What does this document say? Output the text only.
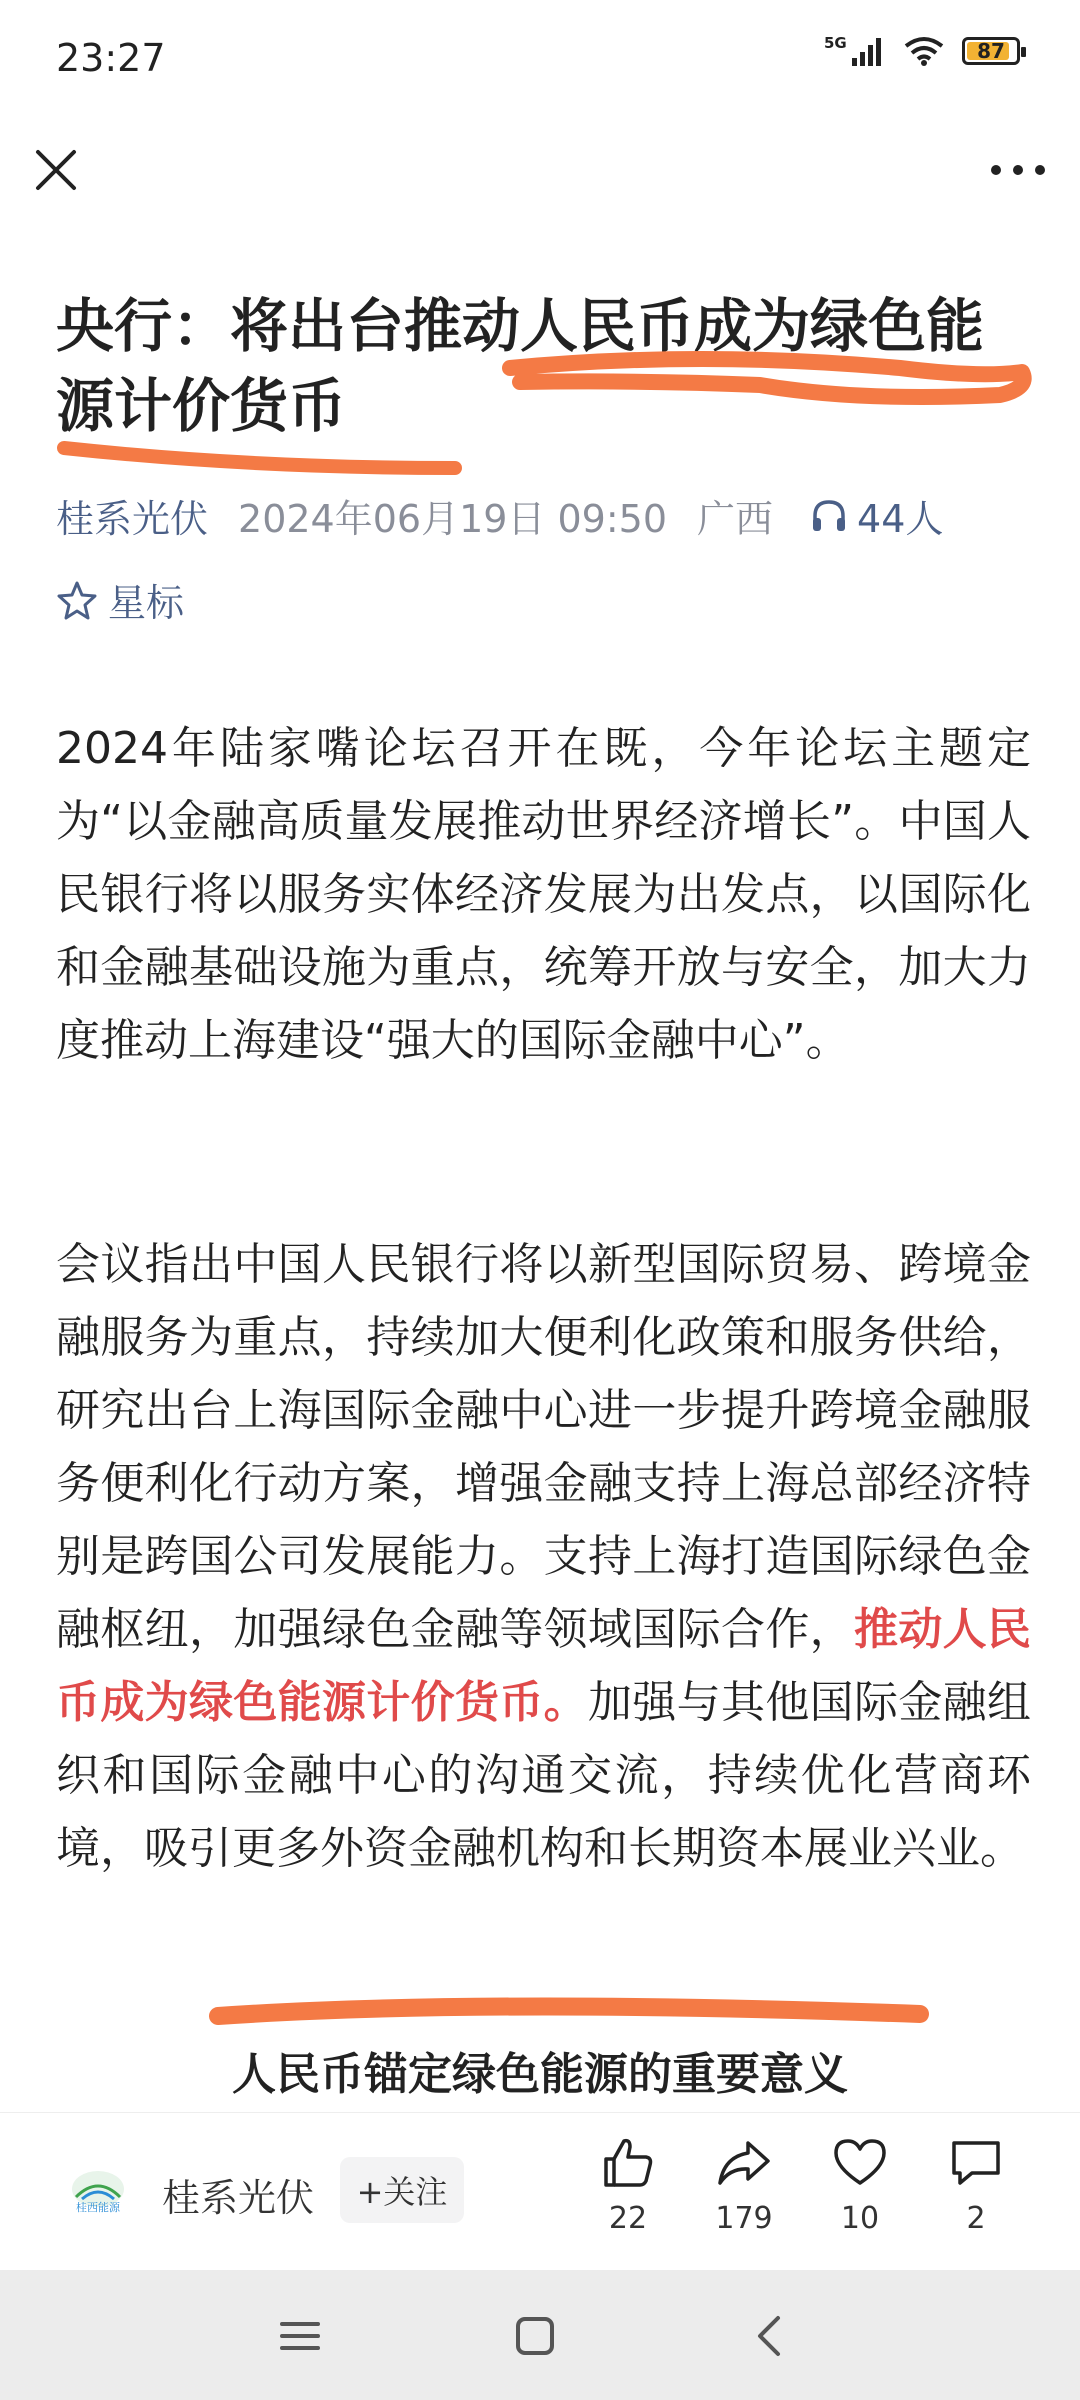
23:27	5G	87
央行：将出台推动人民币成为绿色能源计价货币
桂系光伏 2024年06月19日 09:50 广西 44人
星标

2024年陆家嘴论坛召开在既，今年论坛主题定为“以金融高质量发展推动世界经济增长”。中国人民银行将以服务实体经济发展为出发点，以国际化和金融基础设施为重点，统筹开放与安全，加大力度推动上海建设“强大的国际金融中心”。

会议指出中国人民银行将以新型国际贸易、跨境金融服务为重点，持续加大便利化政策和服务供给，研究出台上海国际金融中心进一步提升跨境金融服务便利化行动方案，增强金融支持上海总部经济特别是跨国公司发展能力。支持上海打造国际绿色金融枢纽，加强绿色金融等领域国际合作，推动人民币成为绿色能源计价货币。加强与其他国际金融组织和国际金融中心的沟通交流，持续优化营商环境，吸引更多外资金融机构和长期资本展业兴业。

人民币锚定绿色能源的重要意义
桂西能源 桂系光伏	+关注
22	179	10	2
